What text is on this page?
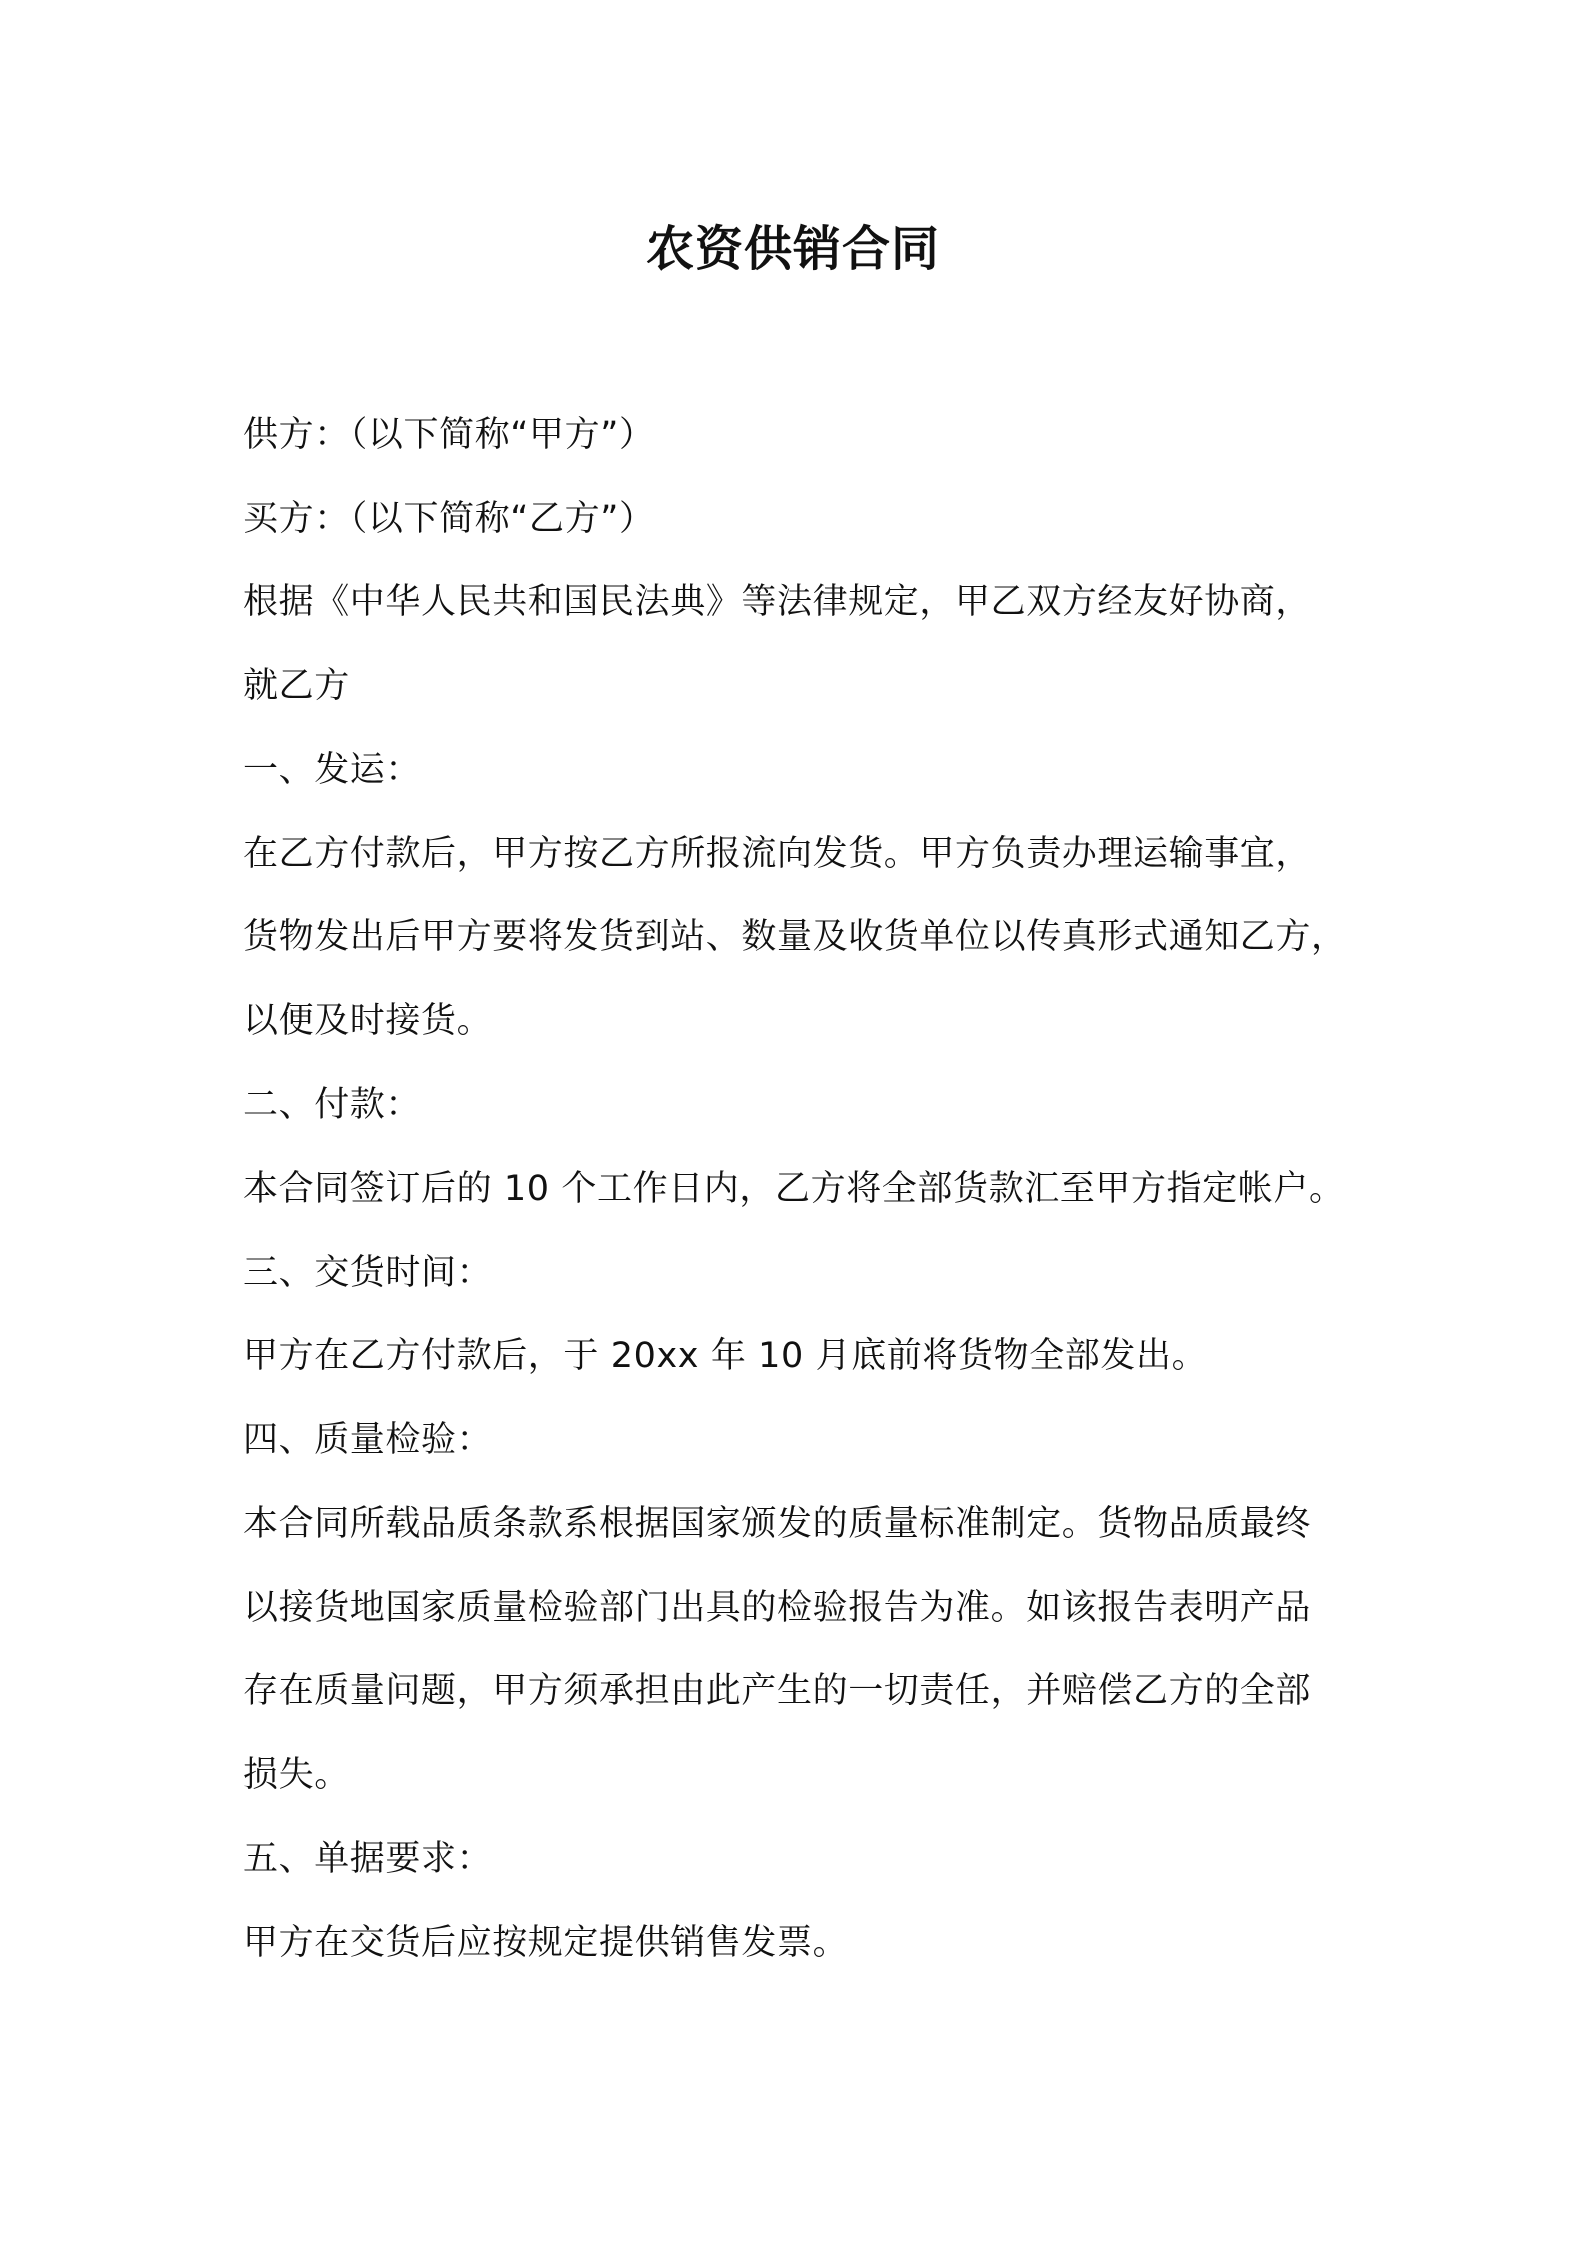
农资供销合同
供方：（以下简称“甲方”）
买方：（以下简称“乙方”）
根据《中华人民共和国民法典》等法律规定，甲乙双方经友好协商，
就乙方
一、发运：
在乙方付款后，甲方按乙方所报流向发货。甲方负责办理运输事宜，
货物发出后甲方要将发货到站、数量及收货单位以传真形式通知乙方，
以便及时接货。
二、付款：
本合同签订后的 10 个工作日内，乙方将全部货款汇至甲方指定帐户。
三、交货时间：
甲方在乙方付款后，于 20xx 年 10 月底前将货物全部发出。
四、质量检验：
本合同所载品质条款系根据国家颁发的质量标准制定。货物品质最终
以接货地国家质量检验部门出具的检验报告为准。如该报告表明产品
存在质量问题，甲方须承担由此产生的一切责任，并赔偿乙方的全部
损失。
五、单据要求：
甲方在交货后应按规定提供销售发票。
